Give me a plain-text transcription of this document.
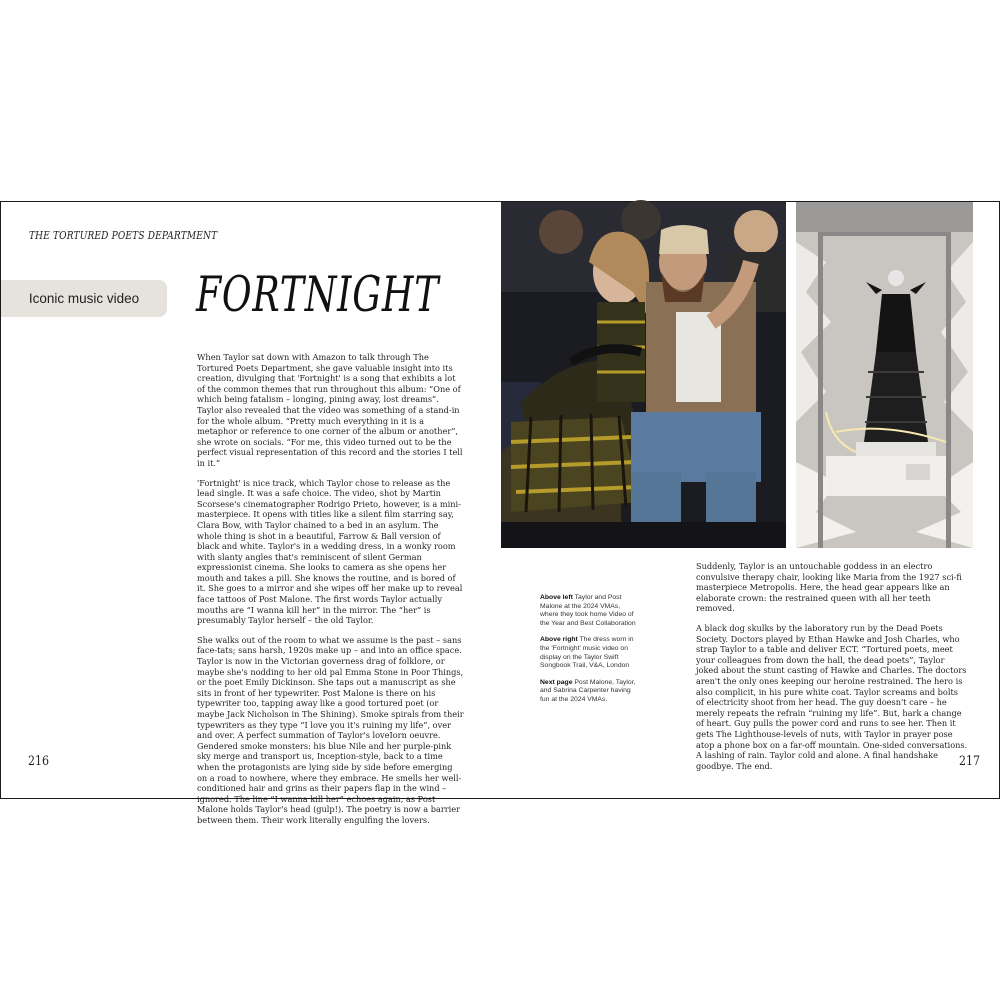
THE TORTURED POETS DEPARTMENT
Iconic music video FORTNIGHT

When Taylor sat down with Amazon to talk through The Tortured Poets Department, she gave valuable insight into its creation, divulging that 'Fortnight' is a song that exhibits a lot of the common themes that run throughout this album: “One of which being fatalism – longing, pining away, lost dreams”. Taylor also revealed that the video was something of a stand-in for the whole album. “Pretty much everything in it is a metaphor or reference to one corner of the album or another”, she wrote on socials. “For me, this video turned out to be the perfect visual representation of this record and the stories I tell in it.”

'Fortnight' is nice track, which Taylor chose to release as the lead single. It was a safe choice. The video, shot by Martin Scorsese's cinematographer Rodrigo Prieto, however, is a mini-masterpiece. It opens with titles like a silent film starring say, Clara Bow, with Taylor chained to a bed in an asylum. The whole thing is shot in a beautiful, Farrow & Ball version of black and white. Taylor's in a wedding dress, in a wonky room with slanty angles that's reminiscent of silent German expressionist cinema. She looks to camera as she opens her mouth and takes a pill. She knows the routine, and is bored of it. She goes to a mirror and she wipes off her make up to reveal face tattoos of Post Malone. The first words Taylor actually mouths are “I wanna kill her” in the mirror. The “her” is presumably Taylor herself – the old Taylor.

She walks out of the room to what we assume is the past – sans face-tats; sans harsh, 1920s make up – and into an office space. Taylor is now in the Victorian governess drag of folklore, or maybe she's nodding to her old pal Emma Stone in Poor Things, or the poet Emily Dickinson. She taps out a manuscript as she sits in front of her typewriter. Post Malone is there on his typewriter too, tapping away like a good tortured poet (or maybe Jack Nicholson in The Shining). Smoke spirals from their typewriters as they type “I love you it's ruining my life”, over and over. A perfect summation of Taylor's loveIorn oeuvre. Gendered smoke monsters: his blue Nile and her purple-pink sky merge and transport us, Inception-style, back to a time when the protagonists are lying side by side before emerging on a road to nowhere, where they embrace. He smells her well-conditioned hair and grins as their papers flap in the wind – ignored. The line “I wanna kill her” echoes again, as Post Malone holds Taylor's head (gulp!). The poetry is now a barrier between them. Their work literally engulfing the lovers.

Above left Taylor and Post Malone at the 2024 VMAs, where they took home Video of the Year and Best Collaboration

Above right The dress worn in the 'Fortnight' music video on display on the Taylor Swift Songbook Trail, V&A, London

Next page Post Malone, Taylor, and Sabrina Carpenter having fun at the 2024 VMAs.

Suddenly, Taylor is an untouchable goddess in an electro convulsive therapy chair, looking like Maria from the 1927 sci-fi masterpiece Metropolis. Here, the head gear appears like an elaborate crown: the restrained queen with all her teeth removed.

A black dog skulks by the laboratory run by the Dead Poets Society. Doctors played by Ethan Hawke and Josh Charles, who strap Taylor to a table and deliver ECT. “Tortured poets, meet your colleagues from down the hall, the dead poets”, Taylor joked about the stunt casting of Hawke and Charles. The doctors aren't the only ones keeping our heroine restrained. The hero is also complicit, in his pure white coat. Taylor screams and bolts of electricity shoot from her head. The guy doesn't care – he merely repeats the refrain “ruining my life”. But, hark a change of heart. Guy pulls the power cord and runs to see her. Then it gets The Lighthouse-levels of nuts, with Taylor in prayer pose atop a phone box on a far-off mountain. One-sided conversations. A lashing of rain. Taylor cold and alone. A final handshake goodbye. The end.

216	217
